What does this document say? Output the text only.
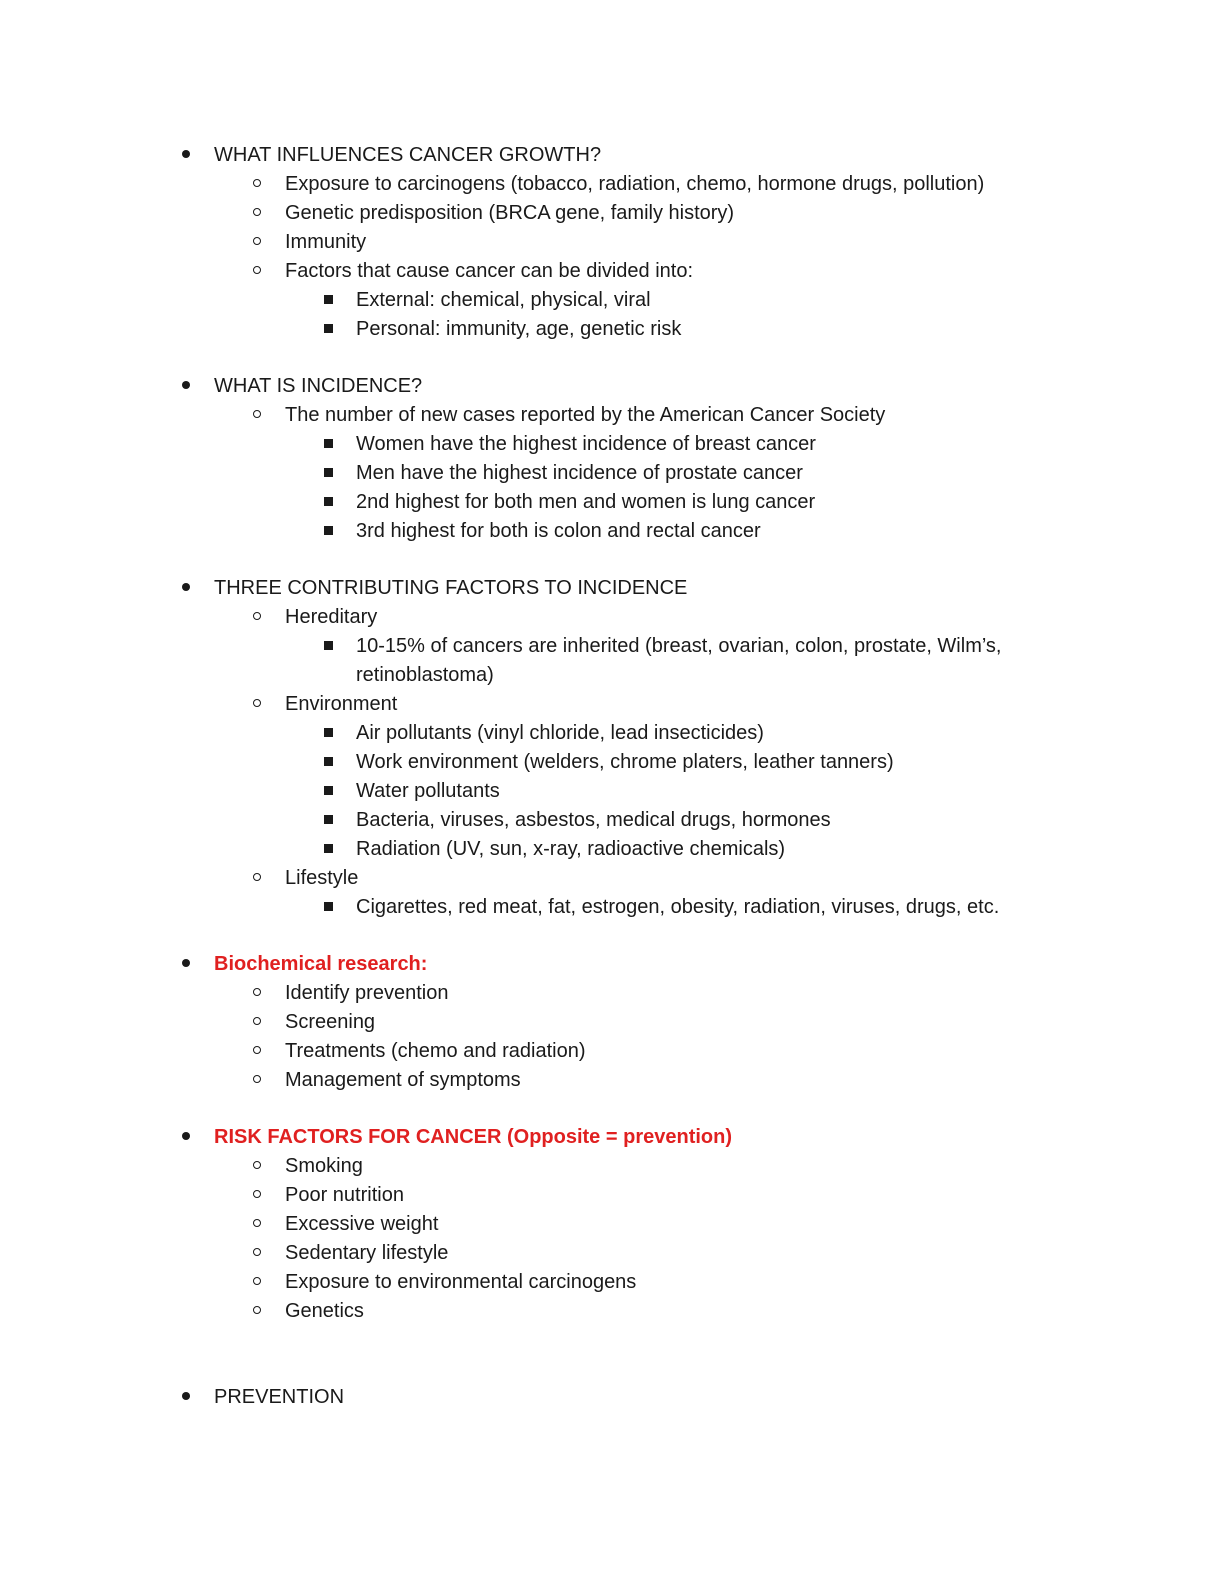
WHAT INFLUENCES CANCER GROWTH?
Exposure to carcinogens (tobacco, radiation, chemo, hormone drugs, pollution)
Genetic predisposition (BRCA gene, family history)
Immunity
Factors that cause cancer can be divided into:
External: chemical, physical, viral
Personal: immunity, age, genetic risk
WHAT IS INCIDENCE?
The number of new cases reported by the American Cancer Society
Women have the highest incidence of breast cancer
Men have the highest incidence of prostate cancer
2nd highest for both men and women is lung cancer
3rd highest for both is colon and rectal cancer
THREE CONTRIBUTING FACTORS TO INCIDENCE
Hereditary
10-15% of cancers are inherited (breast, ovarian, colon, prostate, Wilm’s, retinoblastoma)
Environment
Air pollutants (vinyl chloride, lead insecticides)
Work environment (welders, chrome platers, leather tanners)
Water pollutants
Bacteria, viruses, asbestos, medical drugs, hormones
Radiation (UV, sun, x-ray, radioactive chemicals)
Lifestyle
Cigarettes, red meat, fat, estrogen, obesity, radiation, viruses, drugs, etc.
Biochemical research:
Identify prevention
Screening
Treatments (chemo and radiation)
Management of symptoms
RISK FACTORS FOR CANCER (Opposite = prevention)
Smoking
Poor nutrition
Excessive weight
Sedentary lifestyle
Exposure to environmental carcinogens
Genetics
PREVENTION
